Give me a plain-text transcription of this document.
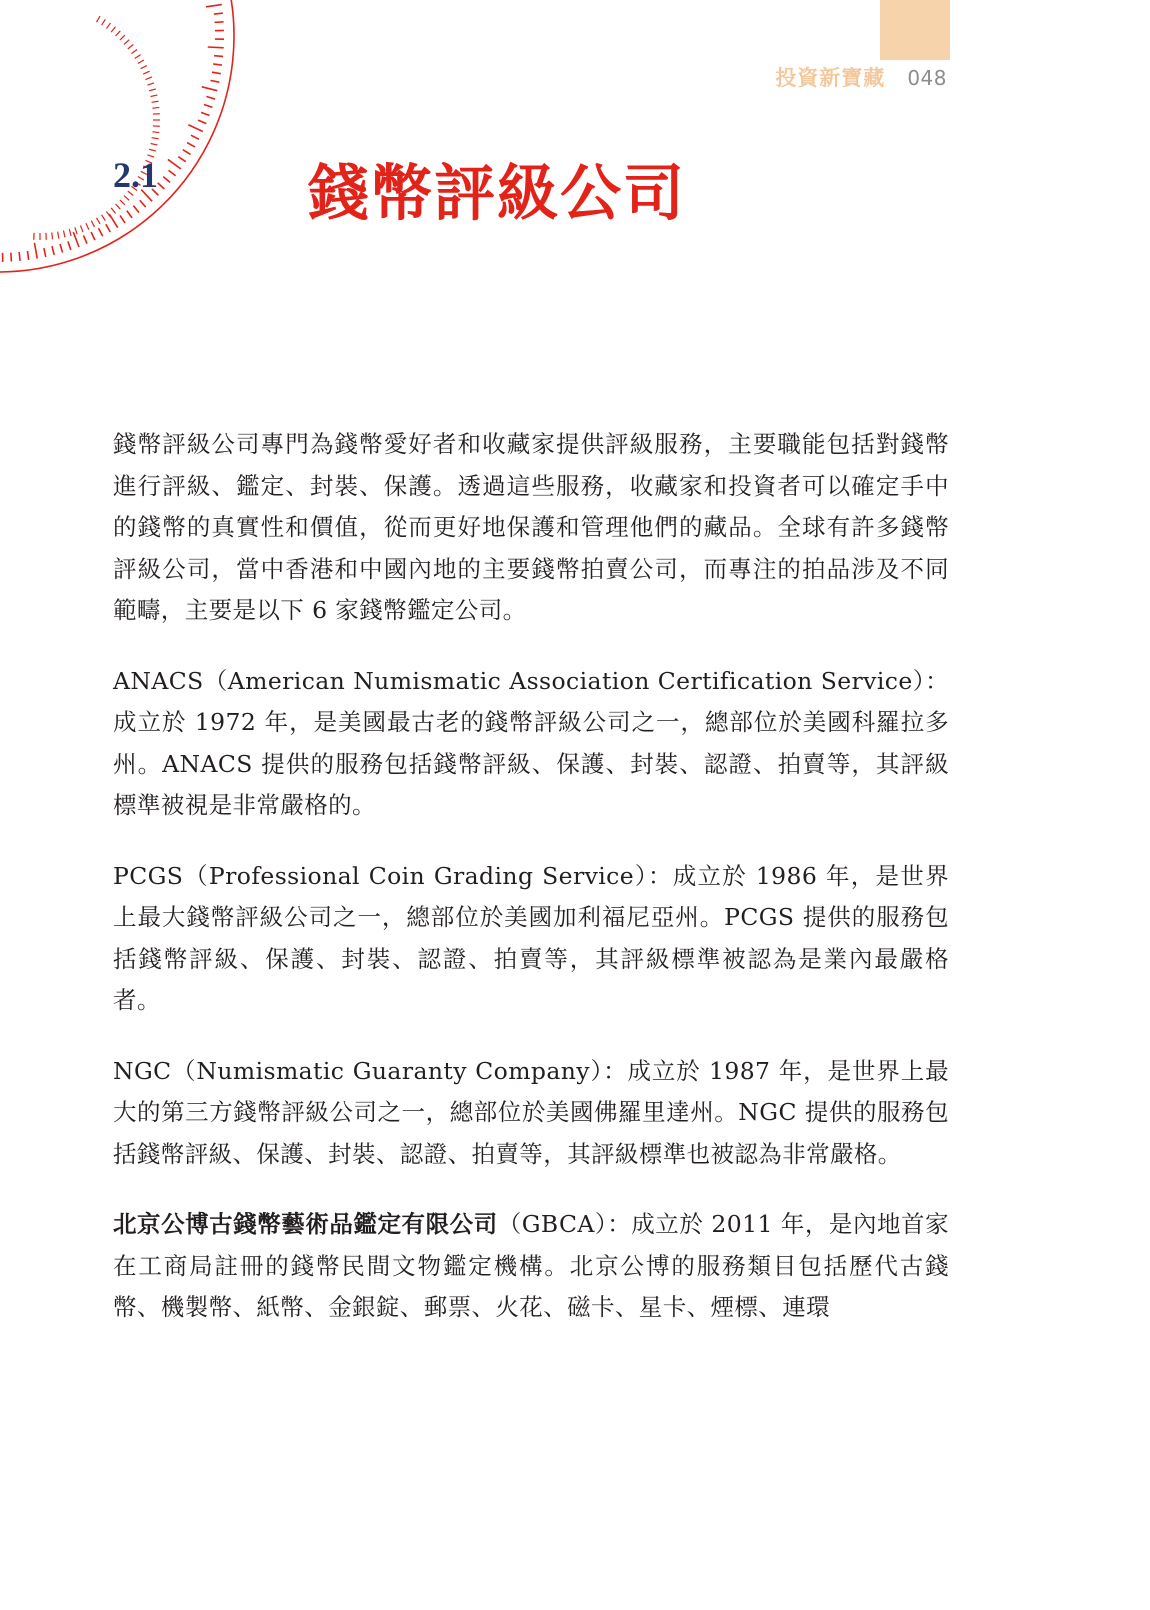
投資新寶藏 048
2.1 錢幣評級公司

錢幣評級公司專門為錢幣愛好者和收藏家提供評級服務，主要職能包括對錢幣進行評級、鑑定、封裝、保護。透過這些服務，收藏家和投資者可以確定手中的錢幣的真實性和價值，從而更好地保護和管理他們的藏品。全球有許多錢幣評級公司，當中香港和中國內地的主要錢幣拍賣公司，而專注的拍品涉及不同範疇，主要是以下 6 家錢幣鑑定公司。

ANACS（American Numismatic Association Certification Service）：成立於 1972 年，是美國最古老的錢幣評級公司之一，總部位於美國科羅拉多州。ANACS 提供的服務包括錢幣評級、保護、封裝、認證、拍賣等，其評級標準被視是非常嚴格的。

PCGS（Professional Coin Grading Service）：成立於 1986 年，是世界上最大錢幣評級公司之一，總部位於美國加利福尼亞州。PCGS 提供的服務包括錢幣評級、保護、封裝、認證、拍賣等，其評級標準被認為是業內最嚴格者。

NGC（Numismatic Guaranty Company）：成立於 1987 年，是世界上最大的第三方錢幣評級公司之一，總部位於美國佛羅里達州。NGC 提供的服務包括錢幣評級、保護、封裝、認證、拍賣等，其評級標準也被認為非常嚴格。

北京公博古錢幣藝術品鑑定有限公司（GBCA）：成立於 2011 年，是內地首家在工商局註冊的錢幣民間文物鑑定機構。北京公博的服務類目包括歷代古錢幣、機製幣、紙幣、金銀錠、郵票、火花、磁卡、星卡、煙標、連環
